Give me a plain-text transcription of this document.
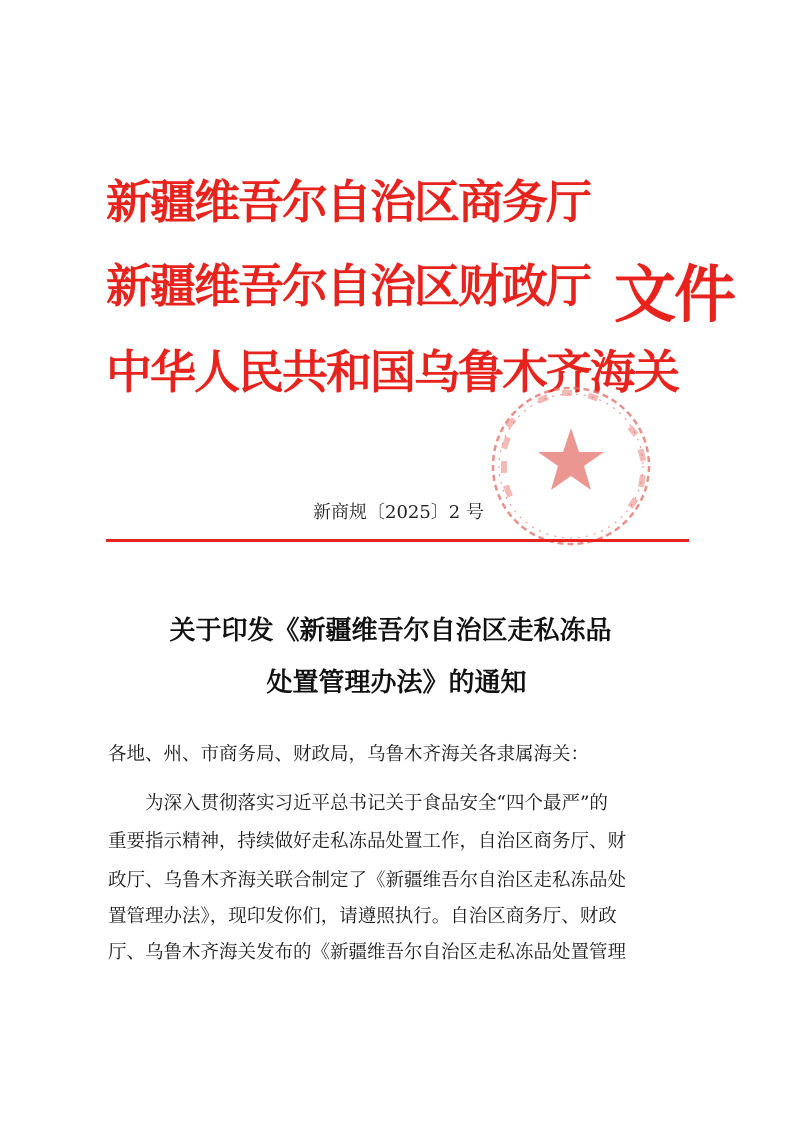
新疆维吾尔自治区商务厅
新疆维吾尔自治区财政厅
中华人民共和国乌鲁木齐海关
文件
新商规〔2025〕2 号
关于印发《新疆维吾尔自治区走私冻品
处置管理办法》的通知
各地、州、市商务局、财政局，乌鲁木齐海关各隶属海关：
为深入贯彻落实习近平总书记关于食品安全“四个最严”的
重要指示精神，持续做好走私冻品处置工作，自治区商务厅、财
政厅、乌鲁木齐海关联合制定了《新疆维吾尔自治区走私冻品处
置管理办法》，现印发你们，请遵照执行。自治区商务厅、财政
厅、乌鲁木齐海关发布的《新疆维吾尔自治区走私冻品处置管理
